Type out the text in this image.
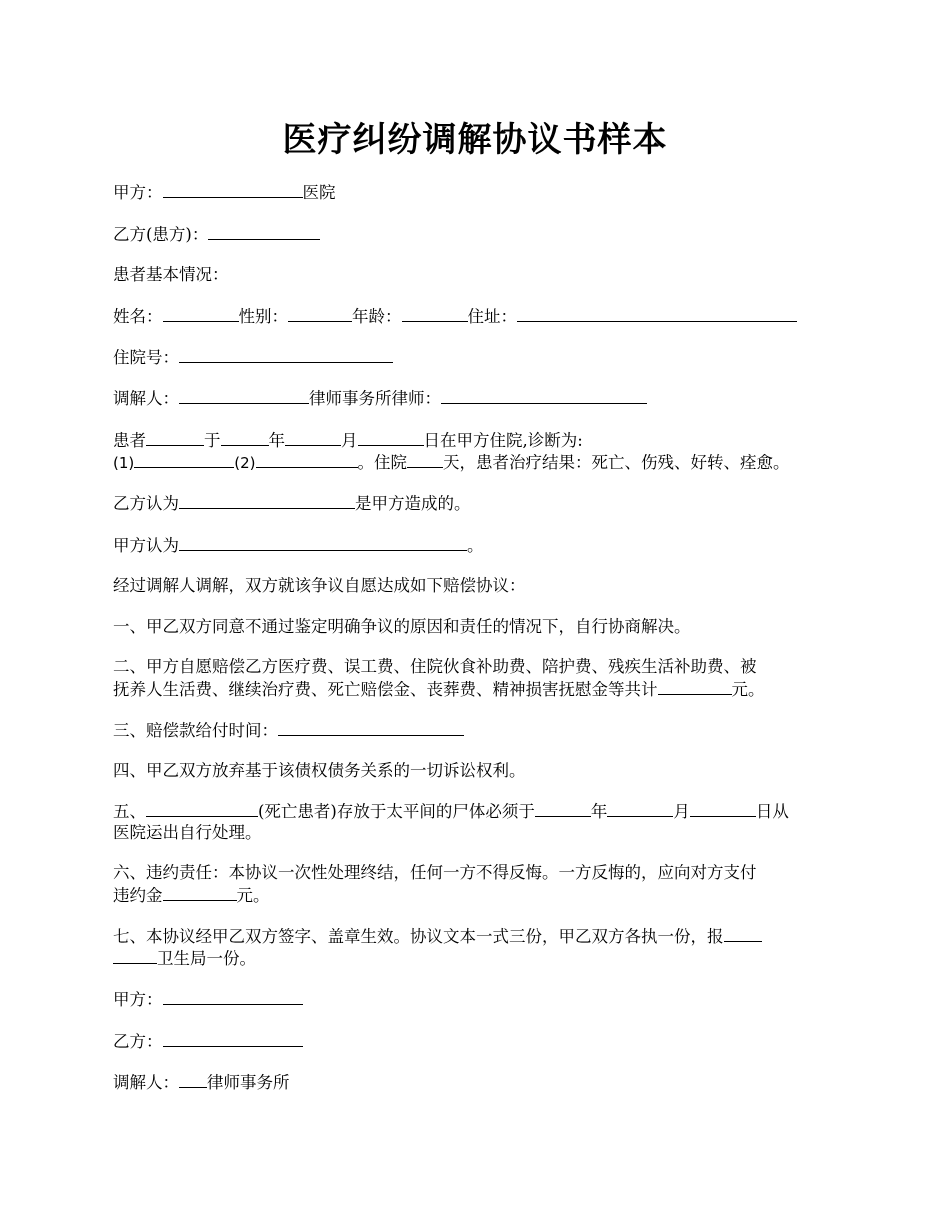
医疗纠纷调解协议书样本
甲方：	医院
乙方(患方)：
患者基本情况：
姓名：	性别：	年龄：	住址：
住院号：
调解人：	律师事务所律师：
患者	于	年	月	日在甲方住院,诊断为:
(1)	(2)	。住院 天，患者治疗结果：死亡、伤残、好转、痊愈。
乙方认为	是甲方造成的。
甲方认为	。
经过调解人调解，双方就该争议自愿达成如下赔偿协议：
一、甲乙双方同意不通过鉴定明确争议的原因和责任的情况下，自行协商解决。
二、甲方自愿赔偿乙方医疗费、误工费、住院伙食补助费、陪护费、残疾生活补助费、被
抚养人生活费、继续治疗费、死亡赔偿金、丧葬费、精神损害抚慰金等共计	元。
三、赔偿款给付时间：
四、甲乙双方放弃基于该债权债务关系的一切诉讼权利。
五、	(死亡患者)存放于太平间的尸体必须于	年	月	日从
医院运出自行处理。
六、违约责任：本协议一次性处理终结，任何一方不得反悔。一方反悔的，应向对方支付
违约金	元。
七、本协议经甲乙双方签字、盖章生效。协议文本一式三份，甲乙双方各执一份，报
卫生局一份。
甲方：
乙方：
调解人： 律师事务所
